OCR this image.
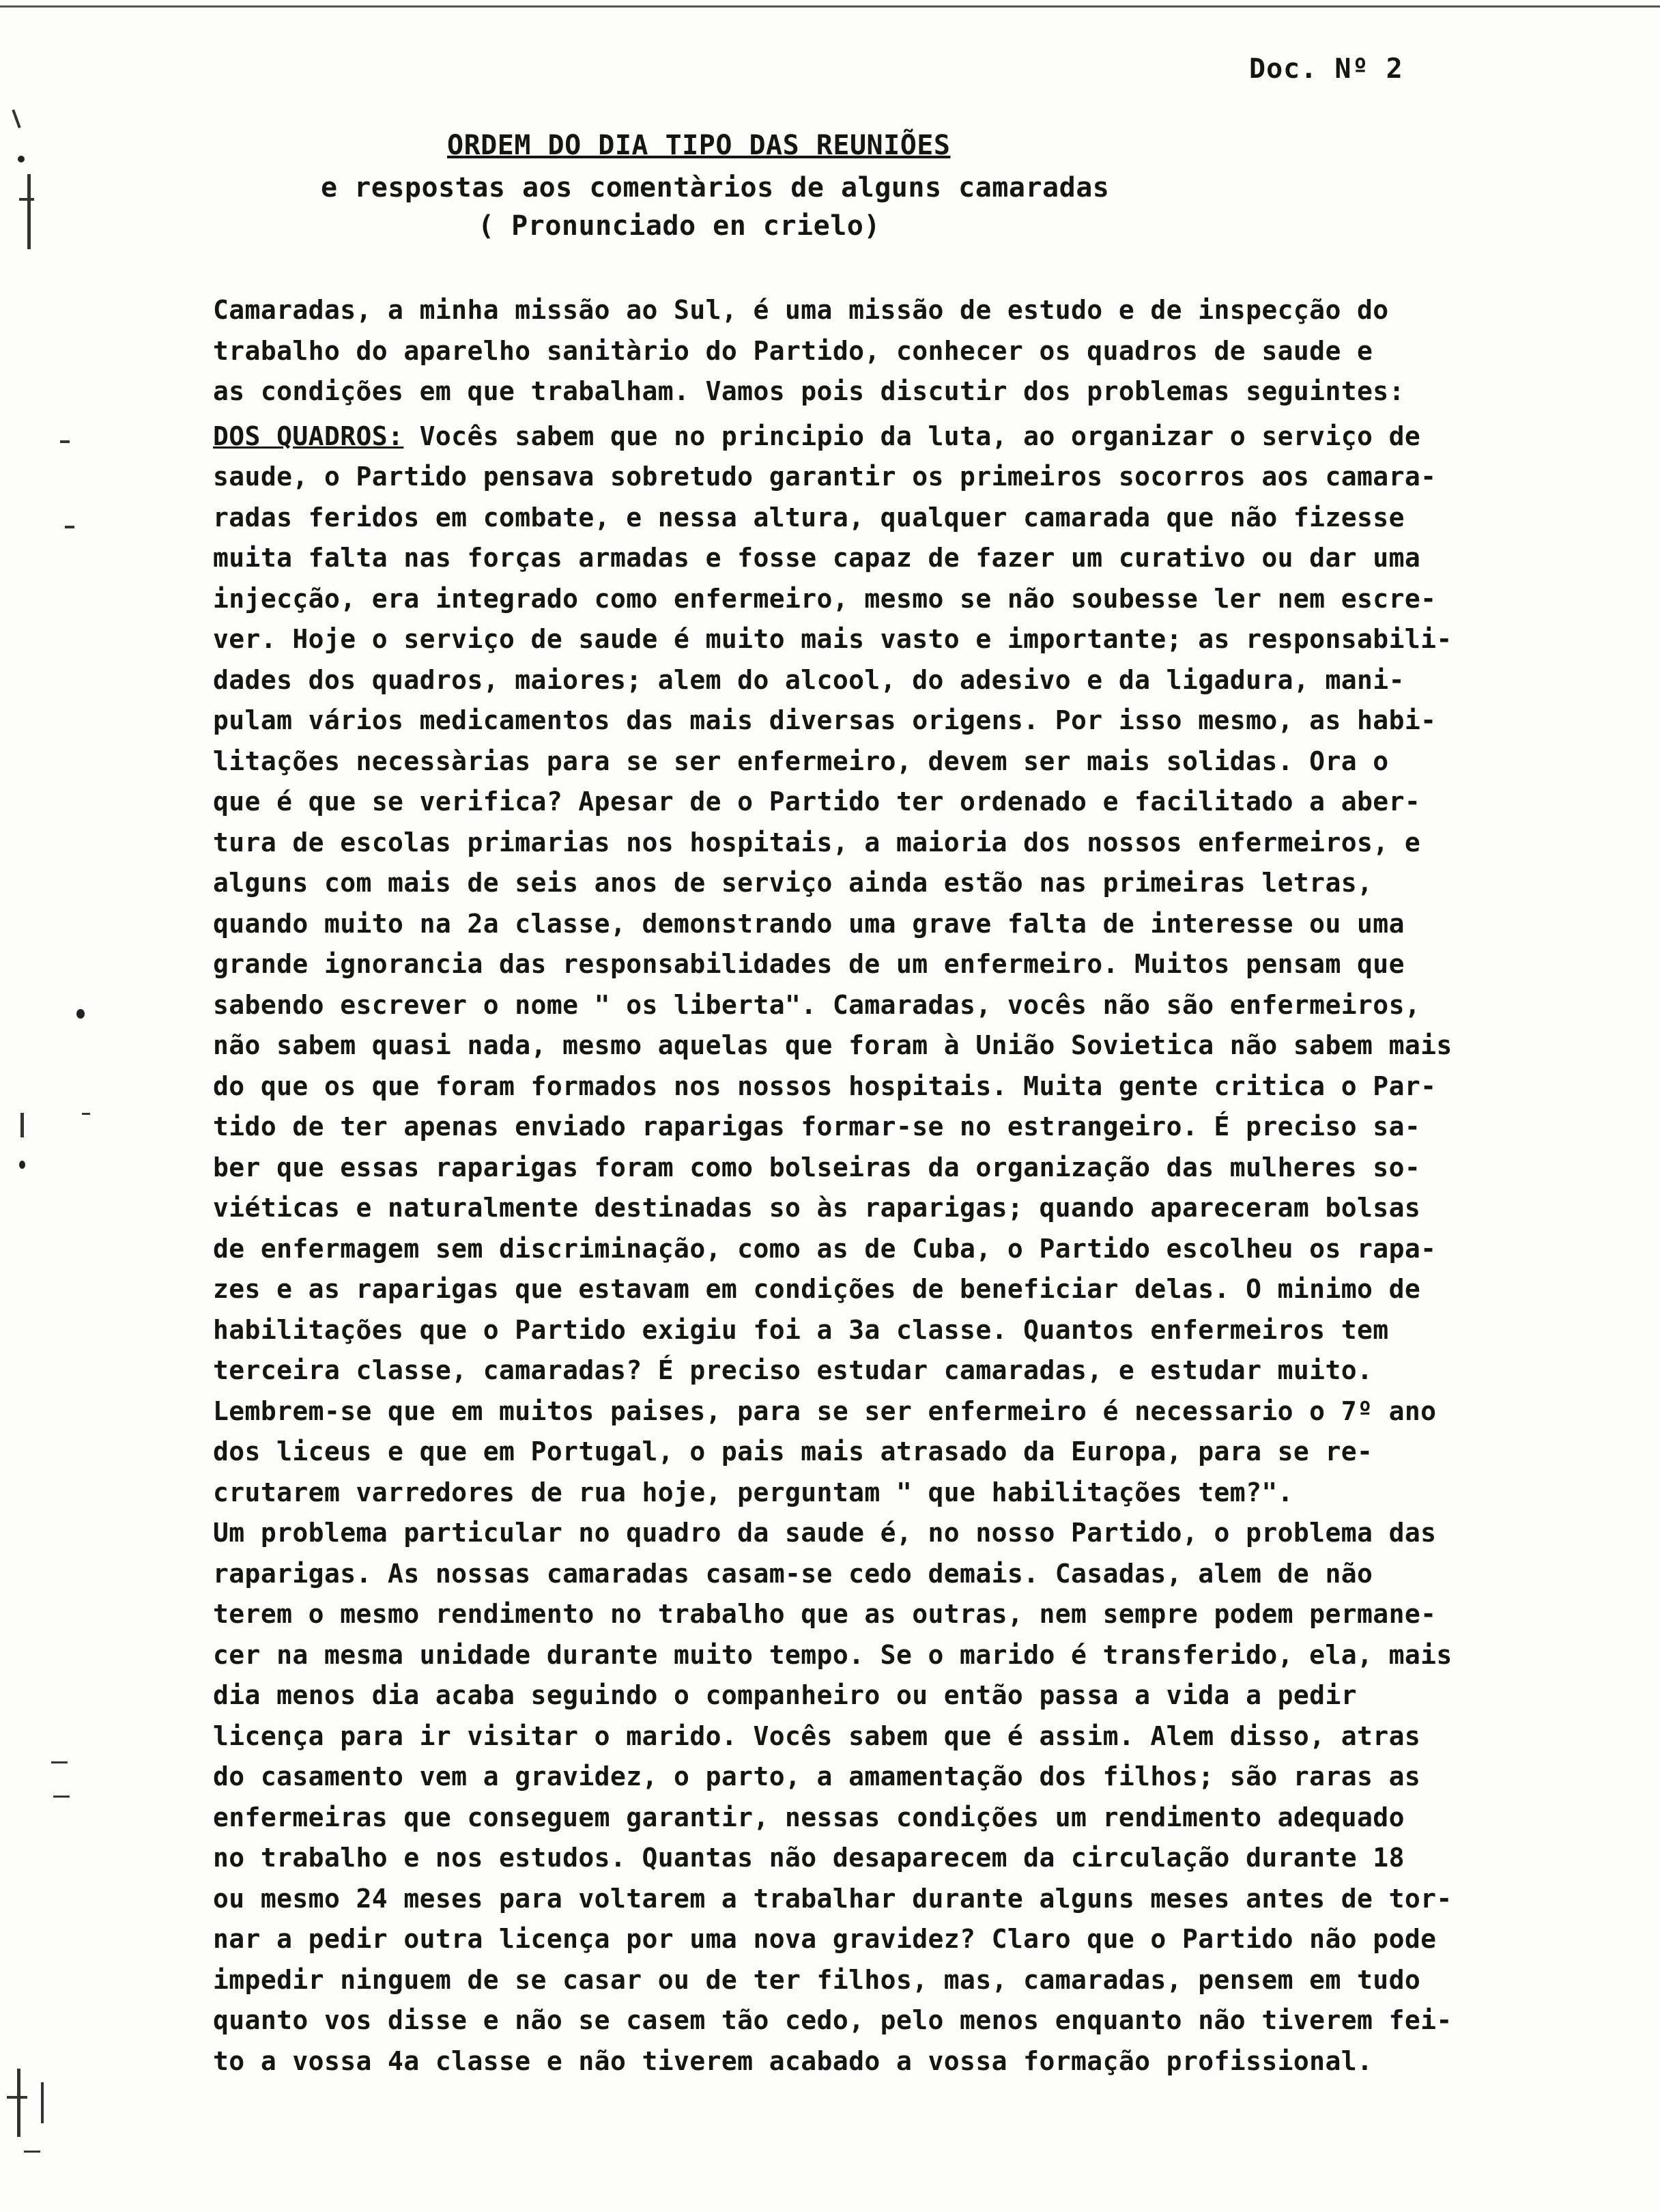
Doc. Nº 2
ORDEM DO DIA TIPO DAS REUNIÕES
e respostas aos comentàrios de alguns camaradas
( Pronunciado en crielo)
Camaradas, a minha missão ao Sul, é uma missão de estudo e de inspecção do
trabalho do aparelho sanitàrio do Partido, conhecer os quadros de saude e
as condições em que trabalham. Vamos pois discutir dos problemas seguintes:
DOS QUADROS: Vocês sabem que no principio da luta, ao organizar o serviço de
saude, o Partido pensava sobretudo garantir os primeiros socorros aos camara-
radas feridos em combate, e nessa altura, qualquer camarada que não fizesse
muita falta nas forças armadas e fosse capaz de fazer um curativo ou dar uma
injecção, era integrado como enfermeiro, mesmo se não soubesse ler nem escre-
ver. Hoje o serviço de saude é muito mais vasto e importante; as responsabili-
dades dos quadros, maiores; alem do alcool, do adesivo e da ligadura, mani-
pulam vários medicamentos das mais diversas origens. Por isso mesmo, as habi-
litações necessàrias para se ser enfermeiro, devem ser mais solidas. Ora o
que é que se verifica? Apesar de o Partido ter ordenado e facilitado a aber-
tura de escolas primarias nos hospitais, a maioria dos nossos enfermeiros, e
alguns com mais de seis anos de serviço ainda estão nas primeiras letras,
quando muito na 2a classe, demonstrando uma grave falta de interesse ou uma
grande ignorancia das responsabilidades de um enfermeiro. Muitos pensam que
sabendo escrever o nome " os liberta". Camaradas, vocês não são enfermeiros,
não sabem quasi nada, mesmo aquelas que foram à União Sovietica não sabem mais
do que os que foram formados nos nossos hospitais. Muita gente critica o Par-
tido de ter apenas enviado raparigas formar-se no estrangeiro. É preciso sa-
ber que essas raparigas foram como bolseiras da organização das mulheres so-
viéticas e naturalmente destinadas so às raparigas; quando apareceram bolsas
de enfermagem sem discriminação, como as de Cuba, o Partido escolheu os rapa-
zes e as raparigas que estavam em condições de beneficiar delas. O minimo de
habilitações que o Partido exigiu foi a 3a classe. Quantos enfermeiros tem
terceira classe, camaradas? É preciso estudar camaradas, e estudar muito.
Lembrem-se que em muitos paises, para se ser enfermeiro é necessario o 7º ano
dos liceus e que em Portugal, o pais mais atrasado da Europa, para se re-
crutarem varredores de rua hoje, perguntam " que habilitações tem?".
Um problema particular no quadro da saude é, no nosso Partido, o problema das
raparigas. As nossas camaradas casam-se cedo demais. Casadas, alem de não
terem o mesmo rendimento no trabalho que as outras, nem sempre podem permane-
cer na mesma unidade durante muito tempo. Se o marido é transferido, ela, mais
dia menos dia acaba seguindo o companheiro ou então passa a vida a pedir
licença para ir visitar o marido. Vocês sabem que é assim. Alem disso, atras
do casamento vem a gravidez, o parto, a amamentação dos filhos; são raras as
enfermeiras que conseguem garantir, nessas condições um rendimento adequado
no trabalho e nos estudos. Quantas não desaparecem da circulação durante 18
ou mesmo 24 meses para voltarem a trabalhar durante alguns meses antes de tor-
nar a pedir outra licença por uma nova gravidez? Claro que o Partido não pode
impedir ninguem de se casar ou de ter filhos, mas, camaradas, pensem em tudo
quanto vos disse e não se casem tão cedo, pelo menos enquanto não tiverem fei-
to a vossa 4a classe e não tiverem acabado a vossa formação profissional.
